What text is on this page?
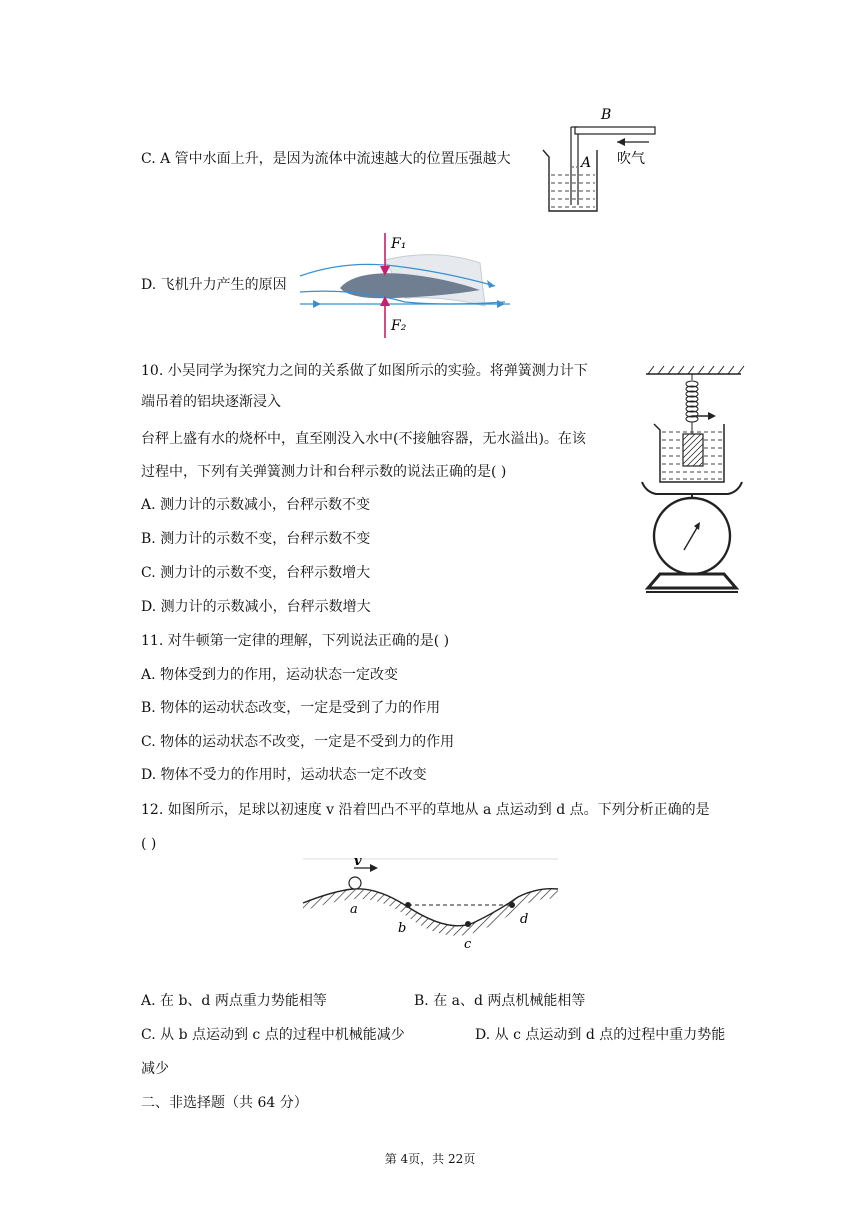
C. A 管中水面上升，是因为流体中流速越大的位置压强越大
B
A 吹气
D. 飞机升力产生的原因
F₁
F₂
10. 小吴同学为探究力之间的关系做了如图所示的实验。将弹簧测力计下
端吊着的铝块逐渐浸入
台秤上盛有水的烧杯中，直至刚没入水中(不接触容器，无水溢出)。在该
过程中，下列有关弹簧测力计和台秤示数的说法正确的是( )
A. 测力计的示数减小，台秤示数不变
B. 测力计的示数不变，台秤示数不变
C. 测力计的示数不变，台秤示数增大
D. 测力计的示数减小，台秤示数增大
11. 对牛顿第一定律的理解，下列说法正确的是( )
A. 物体受到力的作用，运动状态一定改变
B. 物体的运动状态改变，一定是受到了力的作用
C. 物体的运动状态不改变，一定是不受到力的作用
D. 物体不受力的作用时，运动状态一定不改变
12. 如图所示，足球以初速度 v 沿着凹凸不平的草地从 a 点运动到 d 点。下列分析正确的是
( )
v
a
b
c
d
A. 在 b、d 两点重力势能相等	B. 在 a、d 两点机械能相等
C. 从 b 点运动到 c 点的过程中机械能减少	D. 从 c 点运动到 d 点的过程中重力势能
减少
二、非选择题（共 64 分）
第 4页，共 22页
